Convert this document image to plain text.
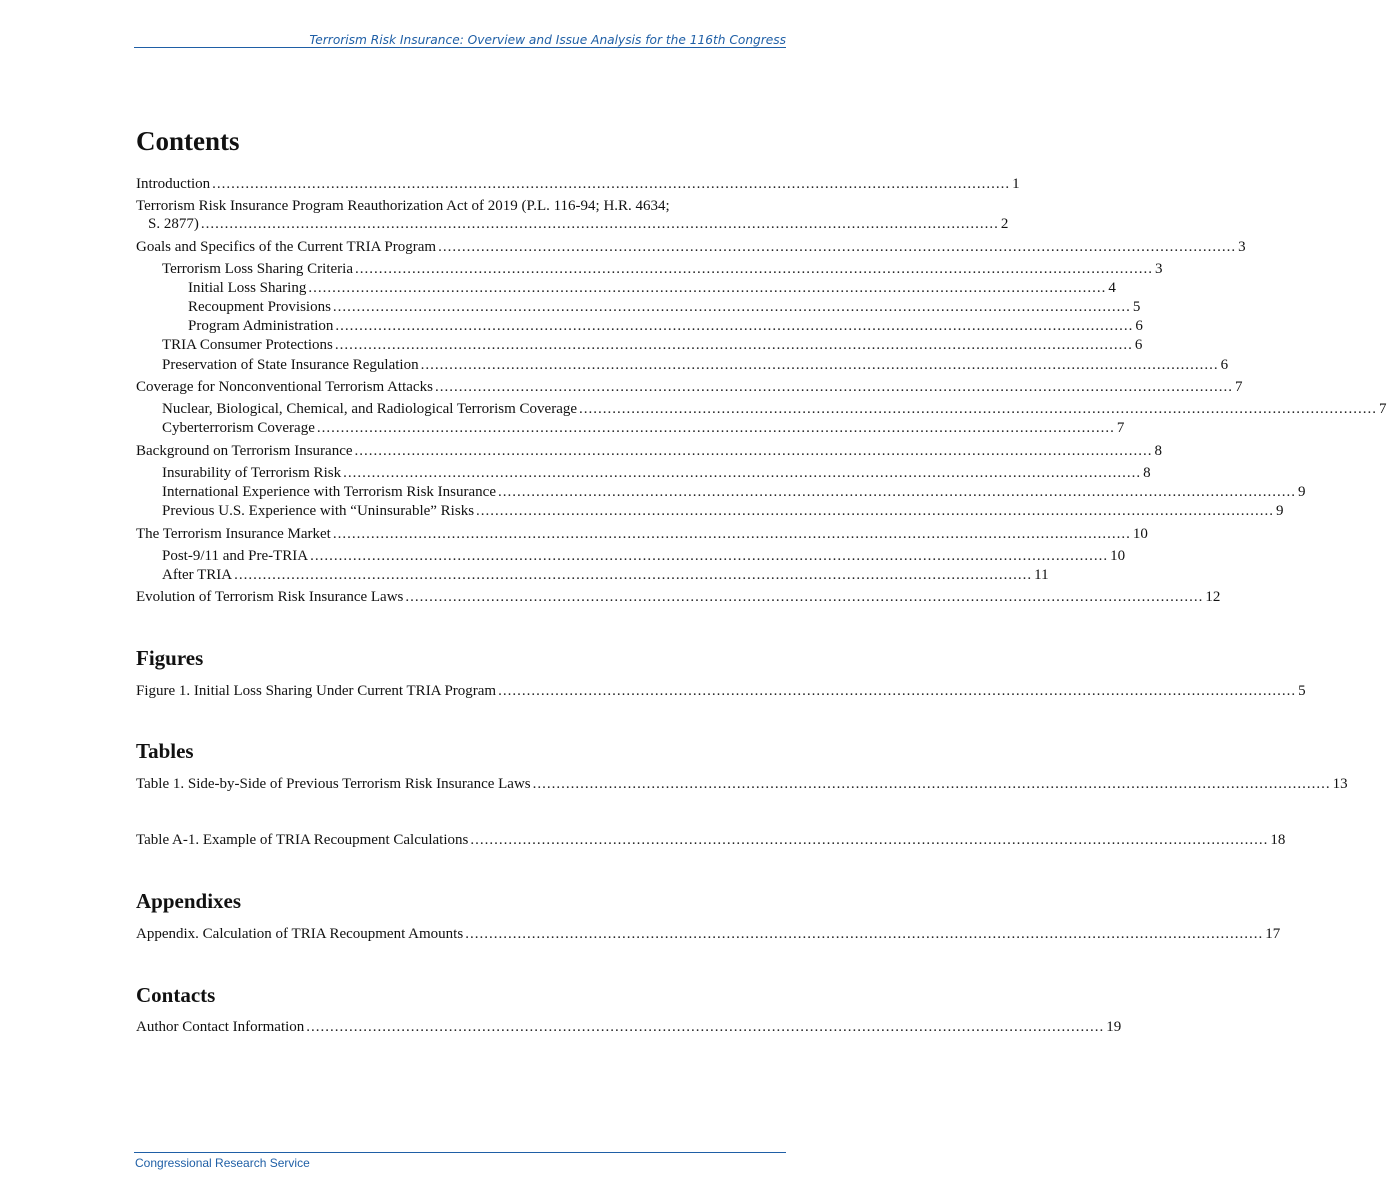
Terrorism Risk Insurance: Overview and Issue Analysis for the 116th Congress
Contents
Introduction ........................................................................................................................................................................ 1
Terrorism Risk Insurance Program Reauthorization Act of 2019 (P.L. 116-94; H.R. 4634;
S. 2877) ........................................................................................................................................................................ 2
Goals and Specifics of the Current TRIA Program ........................................................................................................................................................................ 3
Terrorism Loss Sharing Criteria ........................................................................................................................................................................ 3
Initial Loss Sharing ........................................................................................................................................................................ 4
Recoupment Provisions ........................................................................................................................................................................ 5
Program Administration ........................................................................................................................................................................ 6
TRIA Consumer Protections ........................................................................................................................................................................ 6
Preservation of State Insurance Regulation ........................................................................................................................................................................ 6
Coverage for Nonconventional Terrorism Attacks ........................................................................................................................................................................ 7
Nuclear, Biological, Chemical, and Radiological Terrorism Coverage ........................................................................................................................................................................ 7
Cyberterrorism Coverage ........................................................................................................................................................................ 7
Background on Terrorism Insurance ........................................................................................................................................................................ 8
Insurability of Terrorism Risk ........................................................................................................................................................................ 8
International Experience with Terrorism Risk Insurance ........................................................................................................................................................................ 9
Previous U.S. Experience with “Uninsurable” Risks ........................................................................................................................................................................ 9
The Terrorism Insurance Market ........................................................................................................................................................................ 10
Post-9/11 and Pre-TRIA ........................................................................................................................................................................ 10
After TRIA ........................................................................................................................................................................ 11
Evolution of Terrorism Risk Insurance Laws ........................................................................................................................................................................ 12
Figures
Figure 1. Initial Loss Sharing Under Current TRIA Program ........................................................................................................................................................................ 5
Tables
Table 1. Side-by-Side of Previous Terrorism Risk Insurance Laws ........................................................................................................................................................................ 13
Table A-1. Example of TRIA Recoupment Calculations ........................................................................................................................................................................ 18
Appendixes
Appendix. Calculation of TRIA Recoupment Amounts ........................................................................................................................................................................ 17
Contacts
Author Contact Information ........................................................................................................................................................................ 19
Congressional Research Service
